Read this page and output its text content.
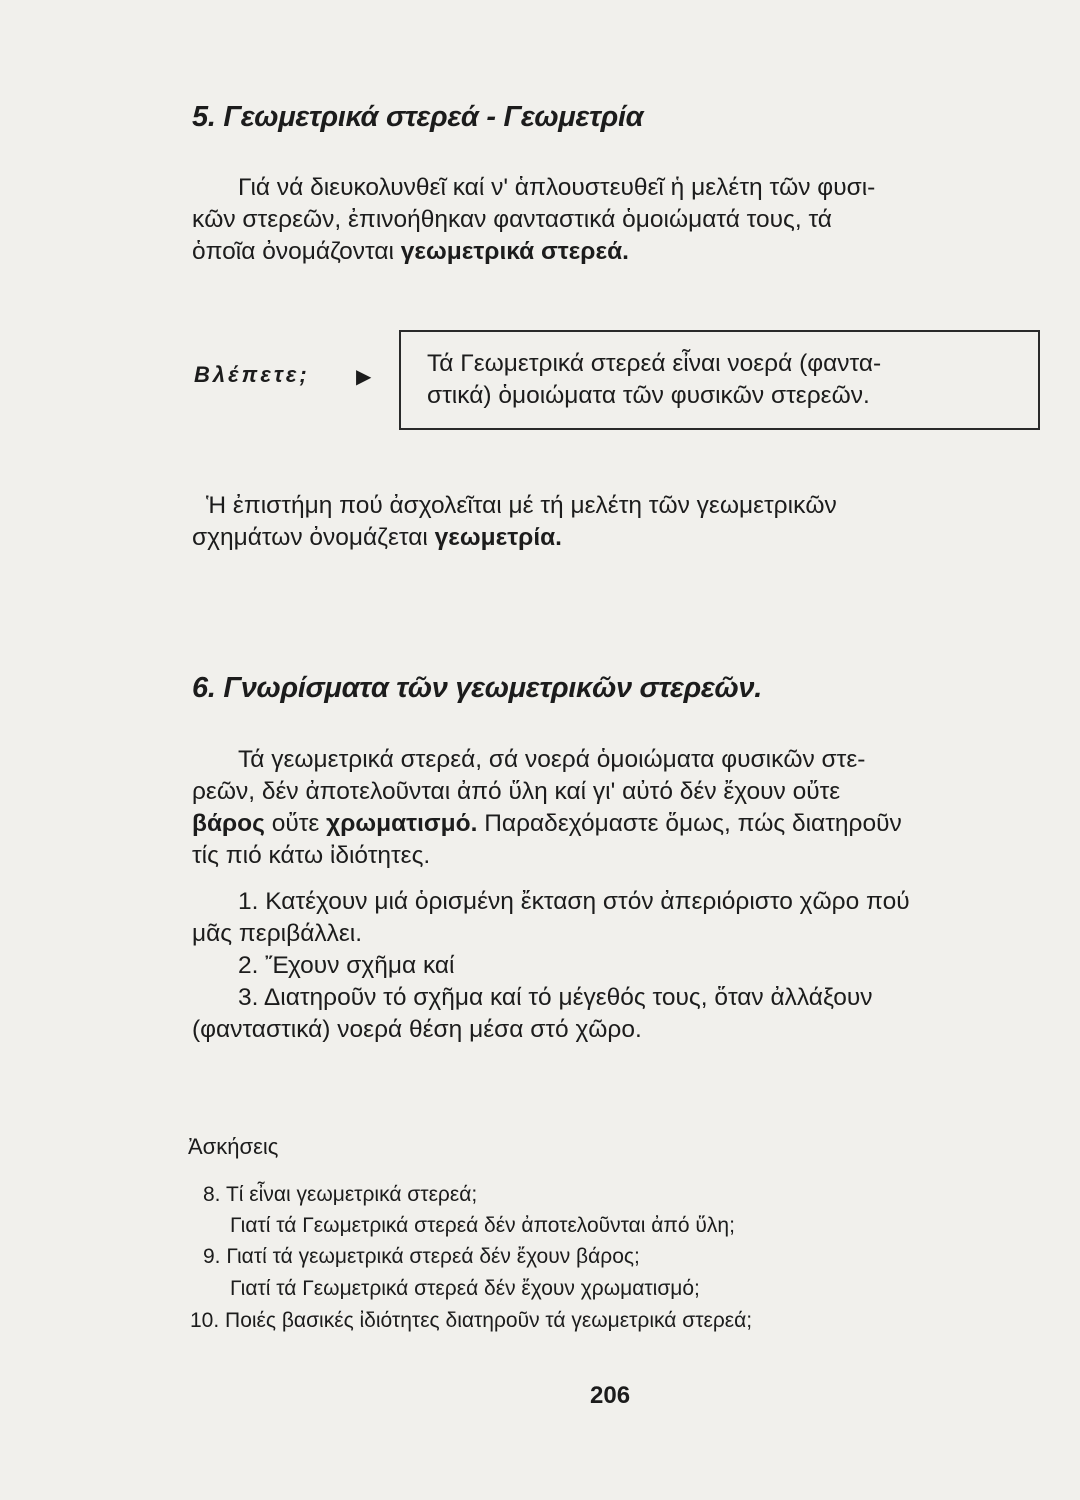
5. Γεωμετρικά στερεά - Γεωμετρία
Γιά νά διευκολυνθεῖ καί ν' ἁπλουστευθεῖ ἡ μελέτη τῶν φυσι-
κῶν στερεῶν, ἐπινοήθηκαν φανταστικά ὁμοιώματά τους, τά
ὁποῖα ὀνομάζονται γεωμετρικά στερεά.
Βλέπετε; ▶ Τά Γεωμετρικά στερεά εἶναι νοερά (φαντα-
στικά) ὁμοιώματα τῶν φυσικῶν στερεῶν.
Ἡ ἐπιστήμη πού ἀσχολεῖται μέ τή μελέτη τῶν γεωμετρικῶν
σχημάτων ὀνομάζεται γεωμετρία.
6. Γνωρίσματα τῶν γεωμετρικῶν στερεῶν.
Τά γεωμετρικά στερεά, σά νοερά ὁμοιώματα φυσικῶν στε-
ρεῶν, δέν ἀποτελοῦνται ἀπό ὕλη καί γι' αὐτό δέν ἔχουν οὔτε
βάρος οὔτε χρωματισμό. Παραδεχόμαστε ὅμως, πώς διατηροῦν
τίς πιό κάτω ἰδιότητες.
1. Κατέχουν μιά ὁρισμένη ἔκταση στόν ἀπεριόριστο χῶρο πού
μᾶς περιβάλλει.
2. Ἔχουν σχῆμα καί
3. Διατηροῦν τό σχῆμα καί τό μέγεθός τους, ὅταν ἀλλάξουν
(φανταστικά) νοερά θέση μέσα στό χῶρο.
Ἀσκήσεις
8. Τί εἶναι γεωμετρικά στερεά;
Γιατί τά Γεωμετρικά στερεά δέν ἀποτελοῦνται ἀπό ὕλη;
9. Γιατί τά γεωμετρικά στερεά δέν ἔχουν βάρος;
Γιατί τά Γεωμετρικά στερεά δέν ἔχουν χρωματισμό;
10. Ποιές βασικές ἰδιότητες διατηροῦν τά γεωμετρικά στερεά;
206
